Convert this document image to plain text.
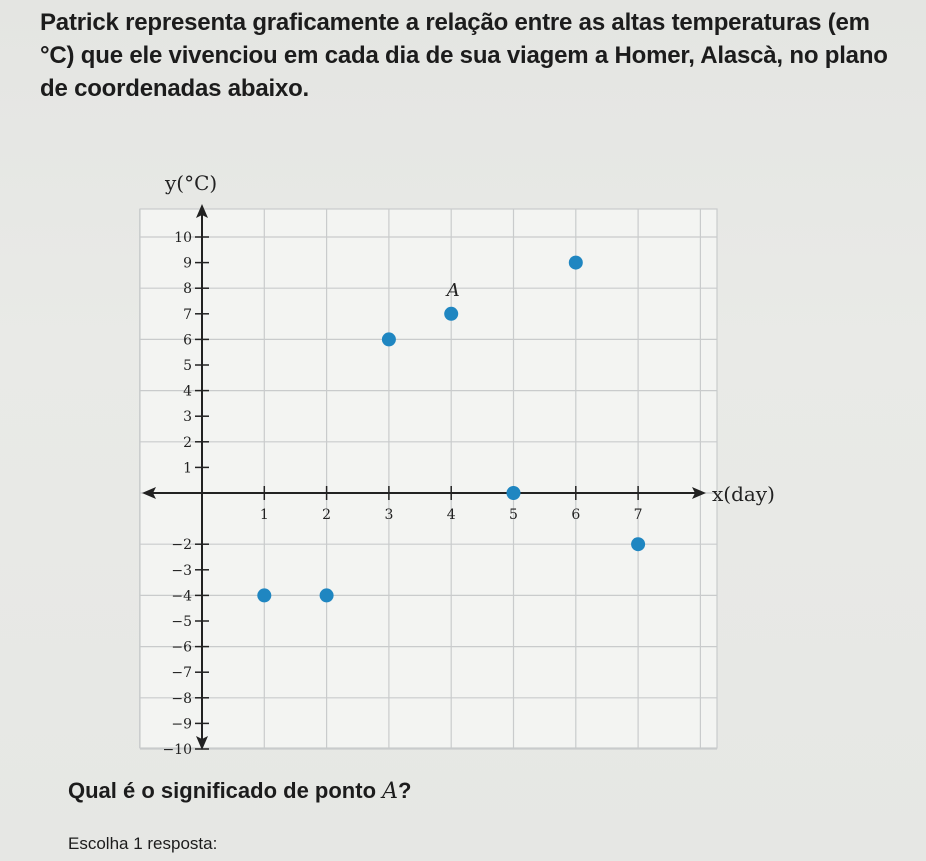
Patrick representa graficamente a relação entre as altas temperaturas (em °C) que ele vivenciou em cada dia de sua viagem a Homer, Alascà, no plano de coordenadas abaixo.

1	2	3	4	5	6	7
10
9
8
7
6
5
4
3
2
1
−2
−3
−4
−5
−6
−7
−8
−9
−10
x(day)
y(°C)
A

Qual é o significado de ponto A?

Escolha 1 resposta:
